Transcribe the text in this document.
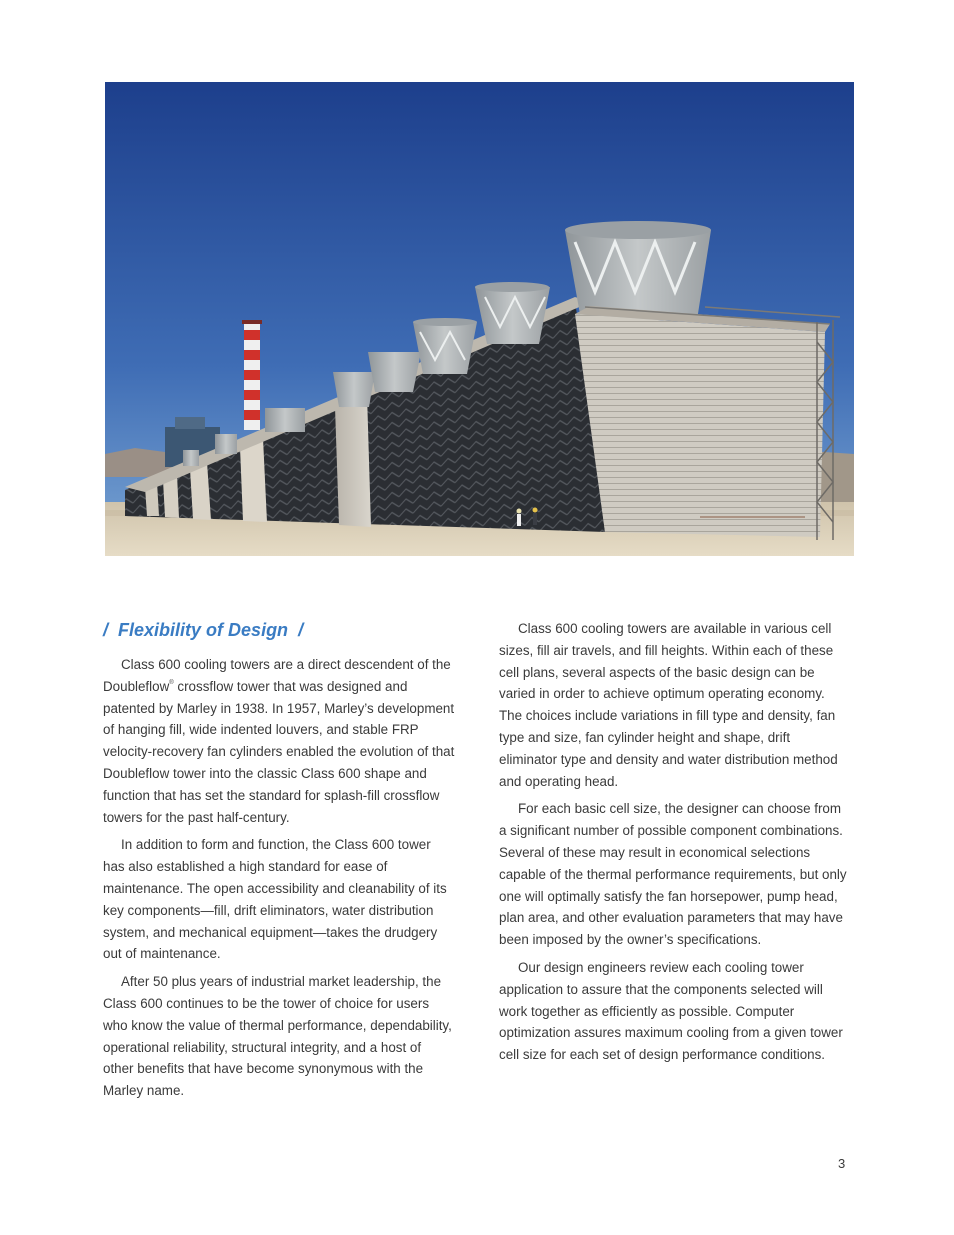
/ Flexibility of Design /

Class 600 cooling towers are a direct descendent of the Doubleflow® crossflow tower that was designed and patented by Marley in 1938. In 1957, Marley’s development of hanging fill, wide indented louvers, and stable FRP velocity-recovery fan cylinders enabled the evolution of that Doubleflow tower into the classic Class 600 shape and function that has set the standard for splash-fill crossflow towers for the past half-century.

In addition to form and function, the Class 600 tower has also established a high standard for ease of maintenance. The open accessibility and cleanability of its key components—fill, drift eliminators, water distribution system, and mechanical equipment—takes the drudgery out of maintenance.

After 50 plus years of industrial market leadership, the Class 600 continues to be the tower of choice for users who know the value of thermal performance, dependability, operational reliability, structural integrity, and a host of other benefits that have become synonymous with the Marley name.

Class 600 cooling towers are available in various cell sizes, fill air travels, and fill heights. Within each of these cell plans, several aspects of the basic design can be varied in order to achieve optimum operating economy. The choices include variations in fill type and density, fan type and size, fan cylinder height and shape, drift eliminator type and density and water distribution method and operating head.

For each basic cell size, the designer can choose from a significant number of possible component combinations. Several of these may result in economical selections capable of the thermal performance requirements, but only one will optimally satisfy the fan horsepower, pump head, plan area, and other evaluation parameters that may have been imposed by the owner’s specifications.

Our design engineers review each cooling tower application to assure that the components selected will work together as efficiently as possible. Computer optimization assures maximum cooling from a given tower cell size for each set of design performance conditions.

3
